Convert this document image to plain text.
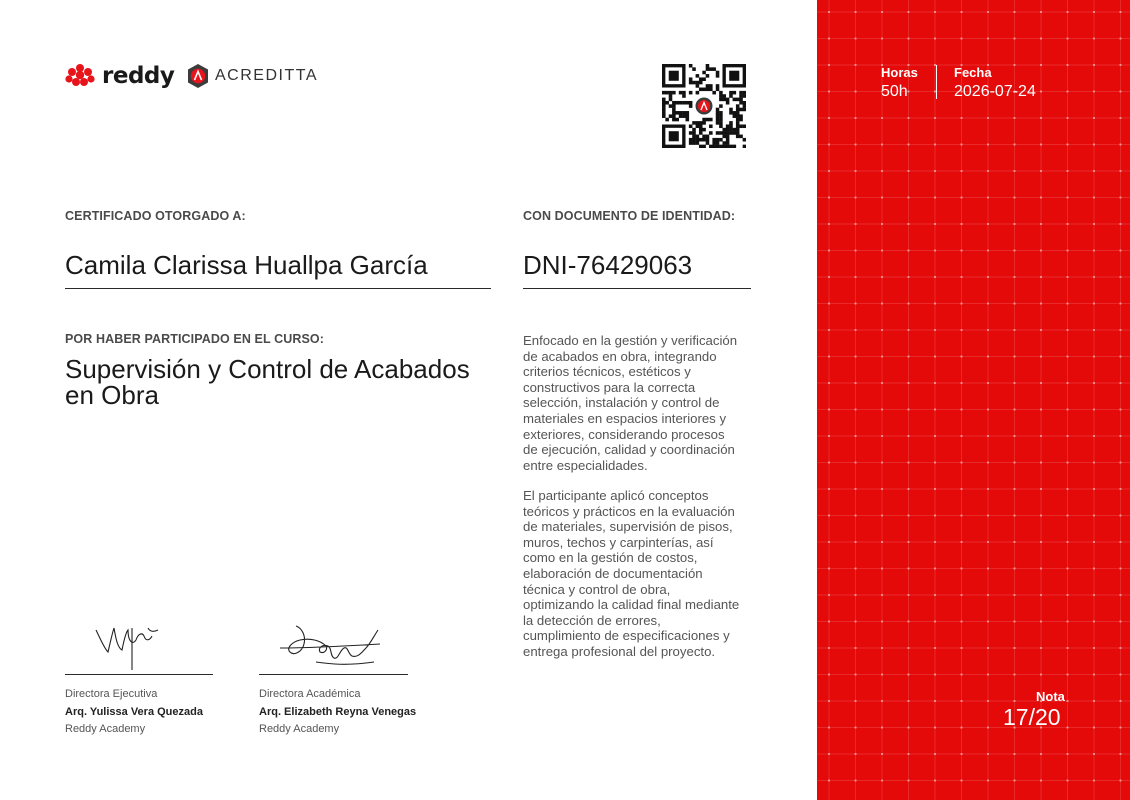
reddy	ACREDITTA
CERTIFICADO OTORGADO A:
Camila Clarissa Huallpa García
CON DOCUMENTO DE IDENTIDAD:
DNI-76429063
POR HABER PARTICIPADO EN EL CURSO:
Supervisión y Control de Acabados
en Obra
Enfocado en la gestión y verificación
de acabados en obra, integrando
criterios técnicos, estéticos y
constructivos para la correcta
selección, instalación y control de
materiales en espacios interiores y
exteriores, considerando procesos
de ejecución, calidad y coordinación
entre especialidades.
El participante aplicó conceptos
teóricos y prácticos en la evaluación
de materiales, supervisión de pisos,
muros, techos y carpinterías, así
como en la gestión de costos,
elaboración de documentación
técnica y control de obra,
optimizando la calidad final mediante
la detección de errores,
cumplimiento de especificaciones y
entrega profesional del proyecto.
Directora Ejecutiva
Arq. Yulissa Vera Quezada
Reddy Academy
Directora Académica
Arq. Elizabeth Reyna Venegas
Reddy Academy
Horas
50h
Fecha
2026-07-24
Nota
17/20
